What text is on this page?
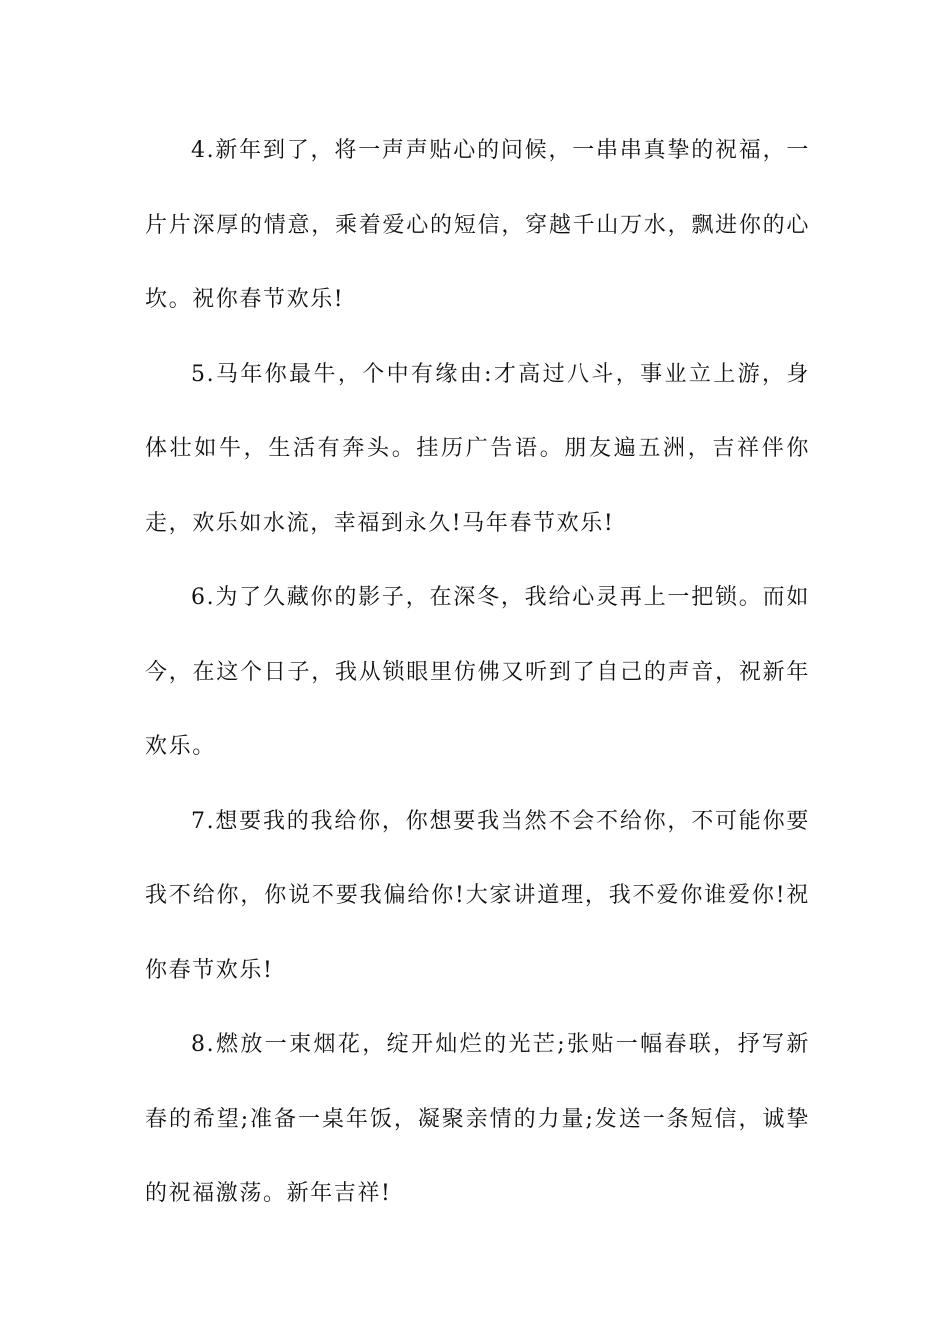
4.新年到了，将一声声贴心的问候，一串串真挚的祝福，一片片深厚的情意，乘着爱心的短信，穿越千山万水，飘进你的心坎。祝你春节欢乐!

5.马年你最牛，个中有缘由:才高过八斗，事业立上游，身体壮如牛，生活有奔头。挂历广告语。朋友遍五洲，吉祥伴你走，欢乐如水流，幸福到永久!马年春节欢乐!

6.为了久藏你的影子，在深冬，我给心灵再上一把锁。而如今，在这个日子，我从锁眼里仿佛又听到了自己的声音，祝新年欢乐。

7.想要我的我给你，你想要我当然不会不给你，不可能你要我不给你，你说不要我偏给你!大家讲道理，我不爱你谁爱你!祝你春节欢乐!

8.燃放一束烟花，绽开灿烂的光芒;张贴一幅春联，抒写新春的希望;准备一桌年饭，凝聚亲情的力量;发送一条短信，诚挚的祝福激荡。新年吉祥!
